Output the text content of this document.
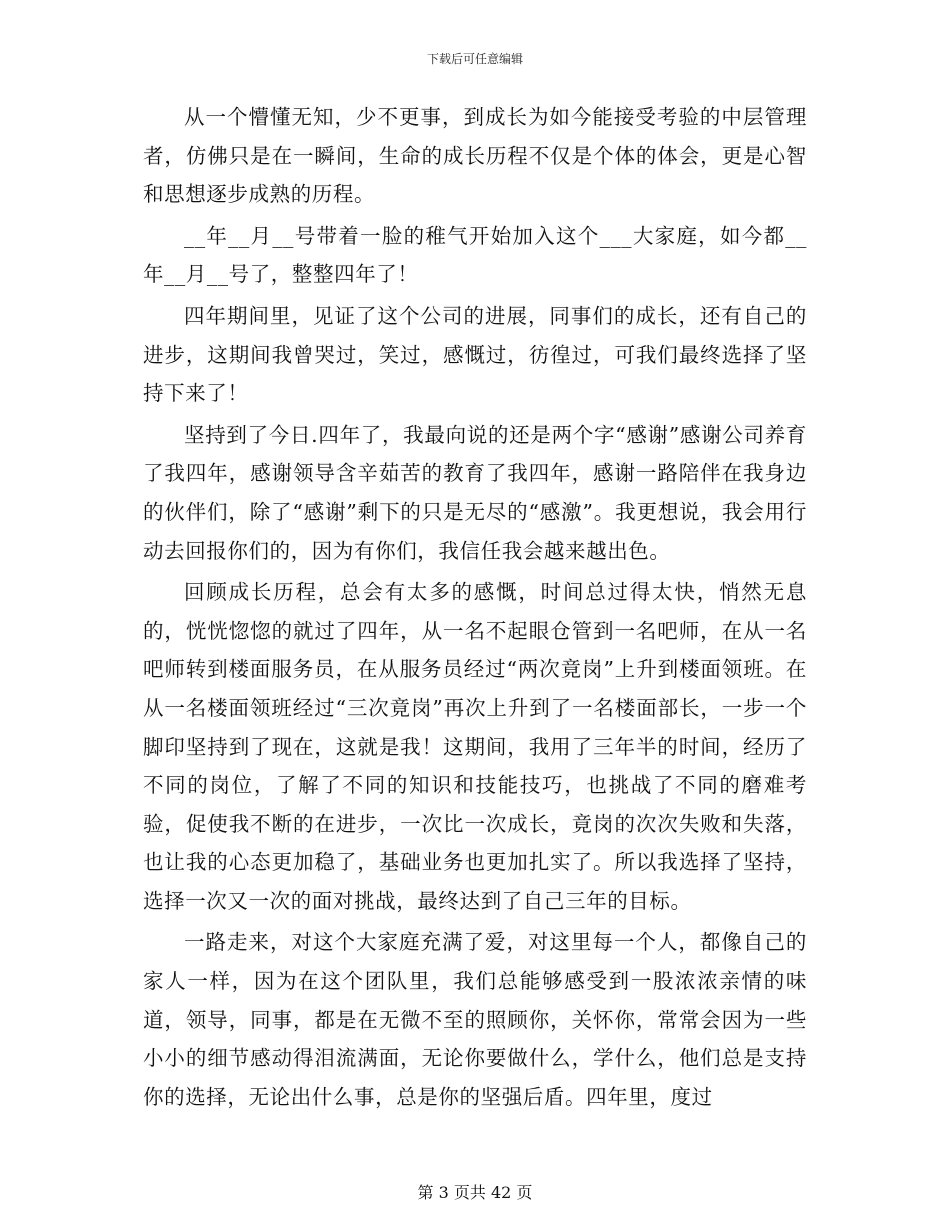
下载后可任意编辑

从一个懵懂无知，少不更事，到成长为如今能接受考验的中层管理者，仿佛只是在一瞬间，生命的成长历程不仅是个体的体会，更是心智和思想逐步成熟的历程。

__年__月__号带着一脸的稚气开始加入这个___大家庭，如今都__年__月__号了，整整四年了！

四年期间里，见证了这个公司的进展，同事们的成长，还有自己的进步，这期间我曾哭过，笑过，感慨过，彷徨过，可我们最终选择了坚持下来了！

坚持到了今日.四年了，我最向说的还是两个字“感谢”感谢公司养育了我四年，感谢领导含辛茹苦的教育了我四年，感谢一路陪伴在我身边的伙伴们，除了“感谢”剩下的只是无尽的“感激”。我更想说，我会用行动去回报你们的，因为有你们，我信任我会越来越出色。

回顾成长历程，总会有太多的感慨，时间总过得太快，悄然无息的，恍恍惚惚的就过了四年，从一名不起眼仓管到一名吧师，在从一名吧师转到楼面服务员，在从服务员经过“两次竟岗”上升到楼面领班。在从一名楼面领班经过“三次竟岗”再次上升到了一名楼面部长，一步一个脚印坚持到了现在，这就是我！这期间，我用了三年半的时间，经历了不同的岗位，了解了不同的知识和技能技巧，也挑战了不同的磨难考验，促使我不断的在进步，一次比一次成长，竟岗的次次失败和失落，也让我的心态更加稳了，基础业务也更加扎实了。所以我选择了坚持，选择一次又一次的面对挑战，最终达到了自己三年的目标。

一路走来，对这个大家庭充满了爱，对这里每一个人，都像自己的家人一样，因为在这个团队里，我们总能够感受到一股浓浓亲情的味道，领导，同事，都是在无微不至的照顾你，关怀你，常常会因为一些小小的细节感动得泪流满面，无论你要做什么，学什么，他们总是支持你的选择，无论出什么事，总是你的坚强后盾。四年里，度过

第 3 页共 42 页
